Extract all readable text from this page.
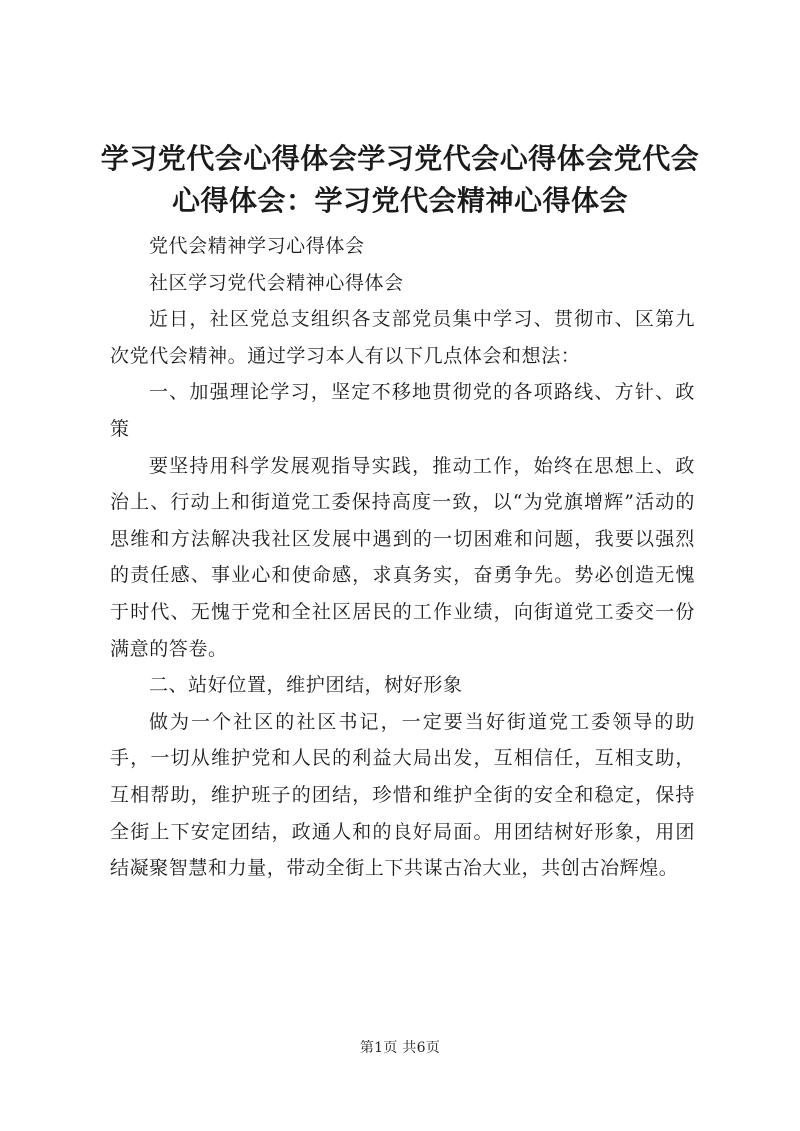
学习党代会心得体会学习党代会心得体会党代会心得体会：学习党代会精神心得体会

党代会精神学习心得体会

社区学习党代会精神心得体会

近日，社区党总支组织各支部党员集中学习、贯彻市、区第九次党代会精神。通过学习本人有以下几点体会和想法：

一、加强理论学习，坚定不移地贯彻党的各项路线、方针、政策

要坚持用科学发展观指导实践，推动工作，始终在思想上、政治上、行动上和街道党工委保持高度一致，以“为党旗增辉”活动的思维和方法解决我社区发展中遇到的一切困难和问题，我要以强烈的责任感、事业心和使命感，求真务实，奋勇争先。势必创造无愧于时代、无愧于党和全社区居民的工作业绩，向街道党工委交一份满意的答卷。

二、站好位置，维护团结，树好形象

做为一个社区的社区书记，一定要当好街道党工委领导的助手，一切从维护党和人民的利益大局出发，互相信任，互相支助，互相帮助，维护班子的团结，珍惜和维护全街的安全和稳定，保持全街上下安定团结，政通人和的良好局面。用团结树好形象，用团结凝聚智慧和力量，带动全街上下共谋古冶大业，共创古冶辉煌。

第1页 共6页
